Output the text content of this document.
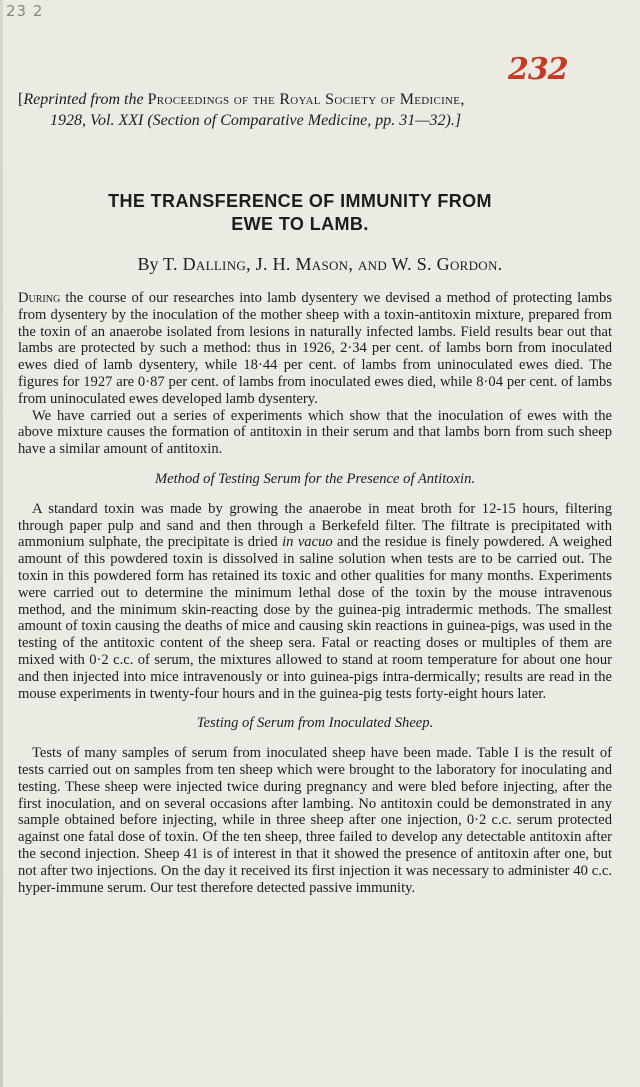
23 2
232
[Reprinted from the Proceedings of the Royal Society of Medicine,
1928, Vol. XXI (Section of Comparative Medicine, pp. 31—32).]
THE TRANSFERENCE OF IMMUNITY FROM
EWE TO LAMB.
By T. Dalling, J. H. Mason, and W. S. Gordon.

During the course of our researches into lamb dysentery we devised a method of protecting lambs from dysentery by the inoculation of the mother sheep with a toxin-antitoxin mixture, prepared from the toxin of an anaerobe isolated from lesions in naturally infected lambs. Field results bear out that lambs are protected by such a method: thus in 1926, 2·34 per cent. of lambs born from inoculated ewes died of lamb dysentery, while 18·44 per cent. of lambs from uninoculated ewes died. The figures for 1927 are 0·87 per cent. of lambs from inoculated ewes died, while 8·04 per cent. of lambs from uninoculated ewes developed lamb dysentery.

We have carried out a series of experiments which show that the inoculation of ewes with the above mixture causes the formation of antitoxin in their serum and that lambs born from such sheep have a similar amount of antitoxin.

Method of Testing Serum for the Presence of Antitoxin.

A standard toxin was made by growing the anaerobe in meat broth for 12-15 hours, filtering through paper pulp and sand and then through a Berkefeld filter. The filtrate is precipitated with ammonium sulphate, the precipitate is dried in vacuo and the residue is finely powdered. A weighed amount of this powdered toxin is dissolved in saline solution when tests are to be carried out. The toxin in this powdered form has retained its toxic and other qualities for many months. Experiments were carried out to determine the minimum lethal dose of the toxin by the mouse intravenous method, and the minimum skin-reacting dose by the guinea-pig intradermic methods. The smallest amount of toxin causing the deaths of mice and causing skin reactions in guinea-pigs, was used in the testing of the antitoxic content of the sheep sera. Fatal or reacting doses or multiples of them are mixed with 0·2 c.c. of serum, the mixtures allowed to stand at room temperature for about one hour and then injected into mice intravenously or into guinea-pigs intra-dermically; results are read in the mouse experiments in twenty-four hours and in the guinea-pig tests forty-eight hours later.

Testing of Serum from Inoculated Sheep.

Tests of many samples of serum from inoculated sheep have been made. Table I is the result of tests carried out on samples from ten sheep which were brought to the laboratory for inoculating and testing. These sheep were injected twice during pregnancy and were bled before injecting, after the first inoculation, and on several occasions after lambing. No antitoxin could be demonstrated in any sample obtained before injecting, while in three sheep after one injection, 0·2 c.c. serum protected against one fatal dose of toxin. Of the ten sheep, three failed to develop any detectable antitoxin after the second injection. Sheep 41 is of interest in that it showed the presence of antitoxin after one, but not after two injections. On the day it received its first injection it was necessary to administer 40 c.c. hyper-immune serum. Our test therefore detected passive immunity.
